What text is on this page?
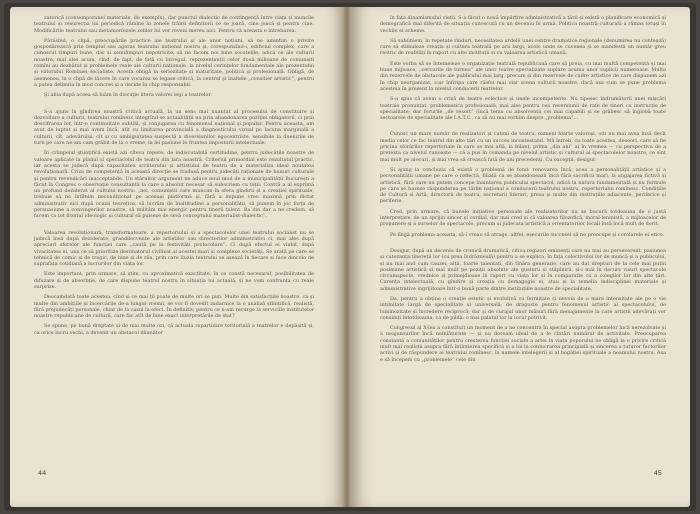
zatorică (contemporanei materiale, de exemplu), dar punctul dialectic de contingență între viața și muncile teatrului și resurecția lui periodică rămîne în zonele trăirii definitorii ce se joacă, cine joacă și pentru cine. Modificările teatrului sau metamorfozele zelilor lui vor reveni mereu aici. Pentru că aceasta e întrebarea.

Părăsind, o clipă, preocupările practice ale teatrului și ale unor noțiuni, să ne amintim o privire gospodărească prin templul sau agoraș teatrului național nostru și, corespunzînd-i, edificiul complex, care a cunoscut timpuri bune, dar și semifimpuri nepotrivite, să ne facem noi bine socotelile, adică ce ale culturii noastre, mai ales acum, cînd, de fapt, de fată cu întregul, reprezentanții celor două milioane de comuniști romîni au dezbătut și problemele reale ale culturii naționale, la nivelul cerințelor fundamentale ale prezentului și viitorului Romîniei socialiste. Acesta obligă la seriozitate și maturitate, politică și profesională. Obligă, de asemenea, la o clipă de tăcere în care vocarea se legase critică, la centrul și înaltele „consilier artistic”, pentru a putea delimita în mod concret și a decide în chip responsabil.

Și abia după aceea să luăm în discuție litera valorei legi a teatrelor.

S-a ajuns în gîndirea noastră critică actuală, la un sens mai nuanțat al procesului de constituire și dezvoltare a culturii, teatrului romînesc integrînd-se actualității nu prin abandonarea poziției obligatorii, ci prin descifrarea lor, într-o continuitate subtilă, și conjugarea cu fenomenul național și popular. Pentru aceasta, am avut de luptat și mai avem încă, atît cu limitarea provincială a diagnosticului vizual pe lacuna marginală a culturii, cît, adevărului, cît și cu ambiguitatea suspectă a diversiunilor egocentriste, sensibile la duelurile de turn pe care ne-am cam grăbit de la o vreme, la lei pasiune în fruntea impostorii intelectuale.

În crîmpeiul științifică există azi cîteva repere, de indiscutabilă certitudine, pentru judecățile noastre de valoare aplicate la planul și spectacolul de teatru din lara noastră. Criteriul primordial este rezultatul practic, iar acesta se judecă după capacitatea scriitorului și artistului de teatru de a materializa ideal noutatea revoluționară. Criza de competență în această direcție se tradusă pentru judecăți raționate de bunuri culturale și pentru revendicări inacceptabile. Un stăruitor argument ne aduce noul mod de a municipalității București a făcut în Congres o observație consultantă la care a absolut necesar să subscriem cu toții: Contră a al exprimă un profund deziderat al cultului nostru: „noi, comuniștii care muncim în sfera gîndirii și a creației spirituale, trebuie să ne întîlnim necondiționat pe aceeași platformă și, fără a impune vreo maximă prin dictat administrativ nici după ocazii teoretice, să lucrăm de înaltitudine a personalității, să punem în joc forța de persuasiune a convingerilor noastre, să milităm mai energic pentru tinerii talent. Ba din dar a ne credem, să facem ca tot frontul ideologic și cultural să pulseze de sevă conceptului materialist-dialectic”.

Valoarea revoluționară, transformatoare, a repertoriului și a spectacolelor unei teatrului socialist nu se judecă însă după deziderate, grandilocvente ale artiștilor sau directorilor administrativi ci, mai ales după aprecieri sferelor ale funcției care „caută pe la festivități protocolare”. Ci după efectul ei viabil, după vivacitatea ei, una ce să prioritize destinatorul civilizat al acestei mari și complexe societăți. Se arată pe care se tehnică de comic și de tragic, de bine și de rău, prin care iluzia teatrului se așează în fiecare și face dincolo de suprafața cotidiană a lucrurilor din viața lor.

Este important, prin urmare, să știm, cu aproximativă exactitate, în ce constă necesarul, posibilitatea de difuzare și de absorbție, de care dispune teatrul nostru în situația lui actuală, și ne vom confrunta cu reale surprize.

Deocamdată toate acestea, cînd și ce mai ții poate de multe ori se pun. Multe din satisfacțiile noastre, ca și multe din ambițiile și încercările de-a lungul vremii, se vor fi dovedit zadarnice la o analiză științifică, realistă, fără prejudecăți personale, chiar de la cazul la efect. În definitiv, pentru ce n-am recurge la serviciile institutelor noastre republicane de cultură, care fac atît de bine exact interpretările de stat?

Se spune, pe bună dreptate și de mai multe ori, că actuala repartizare teritorială a teatrelor e depășită și, ca orice lucru vechi, a devenit un obstacol dăunător

44

în fața dinamismului vieții. S-a făcut o nouă împărțire administrativă a țării și există o planificare economică și demografică mai diferită de situația cunoscută cu un deceniu în urmă. Politica noastră culturală a rămas totuși în vechile ei scheme.

Să subliniem, în repetate rînduri, necesitatea ardelii unei centre dramatice regionale (denumirea nu contează) care să stimuleze creația și cultura teatrală pe arii largi, acolo unde se cuvenea și se manifestă un număr greu restric de realități în raport cu alte instituții și cu valoarea artistică umană.

Este vorba să se întemeieze o organizație teatrală republicană care să preia, cu mai multă competență și mai bune mijloace, „cercurile de turneu” ale unor teatre specializate suplare acuma unor suplicii numeroase. Multe din rezervele de obstacole ale publicului mai larg, precum și din rezervele de cadre artistice de care dispunem azi în chip neorganizat, s-ar înfiripa care răsfoi mai clar scena culturii noastre, dacă așa cum se pune problema acesteia în prezent la nivelul conducerii teatrelor.

S-a spus că avem o criză de teatre eclectice și unele incompetente. Nu tipesec îndrumătorii unei mișcări teatrale pronunțat, problematica profesională, mai ales pentru cea reversiunii de rafe de tineri cu instrucție de specialitate; dar forurile „de resort” (încă tema cu absolvenții cei mai capabili și se grăbesc să înglobă toate sectoarele de specialitate ale I.A.T.C., ca să nu mai vorbim despre „problema”…

Cunosc un mare număr de realizatori și cutoni de teatru, oameni foarte valoroși, oiti nu mai avea însă decît media celor ce fac teatrul din alte țări cu un succes incontestabil. Mă întreb, cu toate acestea, deseori, care să fie pricina sforărilor repertoriale în care se mai află, la bilanț, prima „din ani” ai în vremea — cu perspectiva de a pretexta ca nivelul cunoaște — că a pus în comanda pe nivelul artistic și cultural al spectacolelor noastre, ce sînt mai mult pe alocuri, și mai vrea să crească fată de ani precedenți. Cu excepții, desigur.

Și ajung la concluzia că există o problemă de fond: renovarea încă, acea a personalității artistice și a personalității umane pe care o reflectă, filiată ca se abandonează încă fără sacrificii mari, la angajarea fictivă și artistică, fără care nu putem concepe înaintarea publicului spectacol, adică la natura fundamentală și nu formule pe care se bazeze răspunderea pe tărîm național a conducerii teatrului nostru, repertoriului romînesc. Condițiile de Cultură și Artă, directorii de teatru, secretarii literari, presa și multe din instituțiile adiacente, periferice și periferie.

Cred, prin urmare, că bunele inițiative personale ale realizatorilor nu se bucură totdeauna de o justă interpretare, de un sprijin sincer și cordial, dar mai cred și că valoarea filozofică, moral-leninistă, a mijloacelor de propunere și a surselor de spectacole, precum și judecata artistică a orientatorilor locali însă încă mult de dorit.

Pe lîngă problema aceasta, să-i vreau să atrage, altfel, eșecurile succesei să ne preocupe și corolarele ei etice.

Desigur, după un deceniu de cronică dramatică, citiva regizori eminenți care nu mai au perseverent, pasiunea și cutezanța tinereții lor (cu prea îndrăzneală) pentru a se explica, în fața colectivului lor de muncă și a publicului, și nu mai aud cum cauzei, alții, foarte talentați, din tînăra generație, care au dat drepturi de la cele mai puțin posimane artistică și mai mult pe poziții absolute ale gusturii și stăpînirii, și-i mai în decurs visuri spectacole circumspecte, vrednice și primejdioase în raport cu viața lor și în comparație cu a colegilor lor din alte țări. Carența intelectuală, cu gîndire și creația cu demagogie ei, stau și la temelia indisciplinei materiale și administrative ingrijitoare într-o bună parte dintre instituțiile noastre de specialitate.

Da, pentru a obține o creație estetic și evolutivă cu fermitate și nevoia de o mare intensitate ale pe o vie intimitate largă de specialitate și universală, de dragoste pentru fenomenul artistic al spectacolului, de luminozitate și încredere reciprocă; dar și de curajul unor măsuri fără menajamente la care artiștii adevărați vor consimți întotdeauna, ca de pildă: o mai palatul lor la locul potrivit.

Congresul al X-lea a constituit un moment de a ne concentra în special asupra problemelor încă nerezolvate și a neajunsurilor încă neînlăturate — și nu doream ideal de a le cîntări numărul de activitate. Preocuparea constantă a comunităților pentru creșterea funcției sociale a artei în viața poporului ne obligă la o privire critică mult mai realistă asupra fără întîrzierea specifică și a lui la conlucrarea principială și sincerea a tuturor factorilor activi și de răspundere ai teatrului romînesc, în numele intelegerii și al bogăției spirituale a neamului nostru. Asa e să începem cu „problemele” cele din

45
